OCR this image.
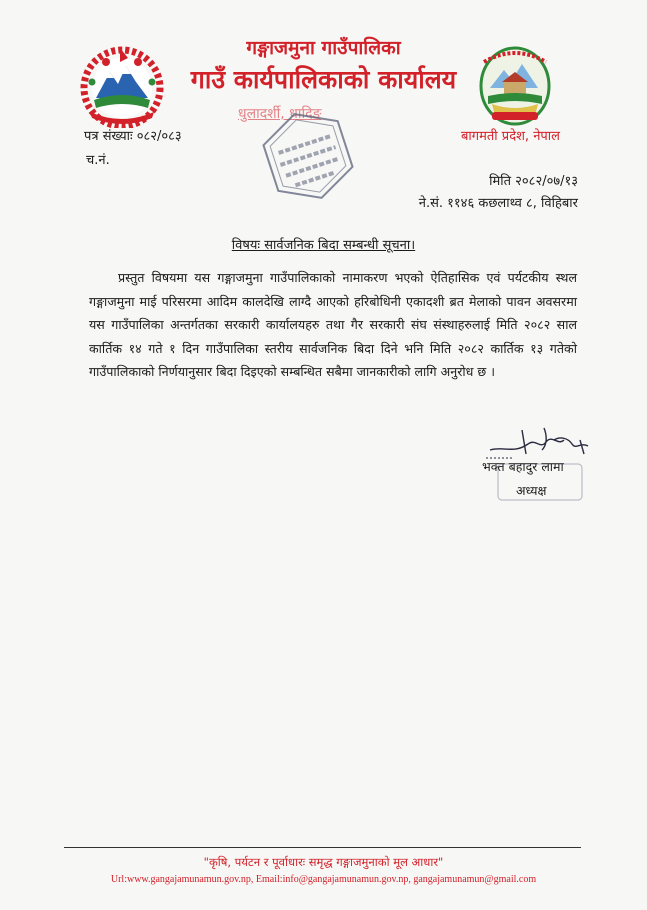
गङ्गाजमुना गाउँपालिका
गाउँ कार्यपालिकाको कार्यालय
धुलादर्शी, धादिङ
बागमती प्रदेश, नेपाल
पत्र संख्याः ०८२/०८३
च.नं.
मिति २०८२/०७/१३
ने.सं. ११४६ कछलाथ्व ८, विहिबार
विषयः सार्वजनिक बिदा सम्बन्धी सूचना।

प्रस्तुत विषयमा यस गङ्गाजमुना गाउँपालिकाको नामाकरण भएको ऐतिहासिक एवं पर्यटकीय स्थल गङ्गाजमुना माई परिसरमा आदिम कालदेखि लाग्दै आएको हरिबोधिनी एकादशी ब्रत मेलाको पावन अवसरमा यस गाउँपालिका अन्तर्गतका सरकारी कार्यालयहरु तथा गैर सरकारी संघ संस्थाहरुलाई मिति २०८२ साल कार्तिक १४ गते १ दिन गाउँपालिका स्तरीय सार्वजनिक बिदा दिने भनि मिति २०८२ कार्तिक १३ गतेको गाउँपालिकाको निर्णयानुसार बिदा दिइएको सम्बन्धित सबैमा जानकारीको लागि अनुरोध छ ।

भक्त बहादुर लामा
अध्यक्ष
"कृषि, पर्यटन र पूर्वाधारः समृद्ध गङ्गाजमुनाको मूल आधार"
Url:www.gangajamunamun.gov.np, Email:info@gangajamunamun.gov.np, gangajamunamun@gmail.com
